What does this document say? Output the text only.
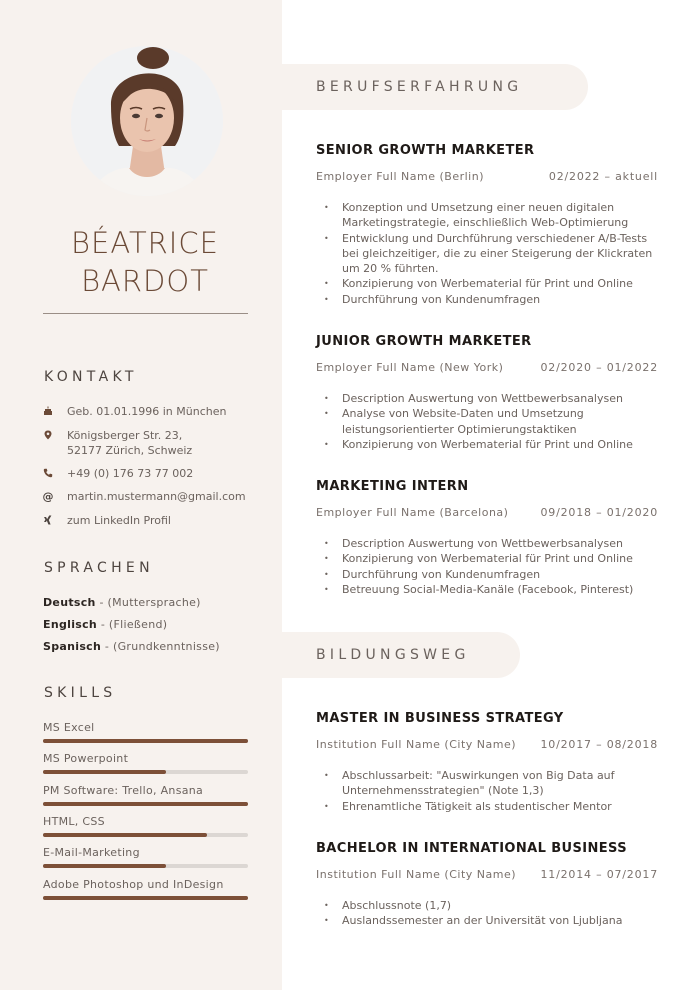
BÉATRICE
BARDOT
KONTAKT
Geb. 01.01.1996 in München
Königsberger Str. 23, 52177 Zürich, Schweiz
+49 (0) 176 73 77 002
@ martin.mustermann@gmail.com
zum LinkedIn Profil
SPRACHEN
Deutsch - (Muttersprache)
Englisch - (Fließend)
Spanisch - (Grundkenntnisse)
SKILLS
MS Excel
MS Powerpoint
PM Software: Trello, Ansana
HTML, CSS
E-Mail-Marketing
Adobe Photoshop und InDesign
BERUFSERFAHRUNG
SENIOR GROWTH MARKETER
Employer Full Name (Berlin)	02/2022 – aktuell
• Konzeption und Umsetzung einer neuen digitalen Marketingstrategie, einschließlich Web-Optimierung
• Entwicklung und Durchführung verschiedener A/B-Tests bei gleichzeitiger, die zu einer Steigerung der Klickraten um 20 % führten.
• Konzipierung von Werbematerial für Print und Online
• Durchführung von Kundenumfragen
JUNIOR GROWTH MARKETER
Employer Full Name (New York)	02/2020 – 01/2022
• Description Auswertung von Wettbewerbsanalysen
• Analyse von Website-Daten und Umsetzung leistungsorientierter Optimierungstaktiken
• Konzipierung von Werbematerial für Print und Online
MARKETING INTERN
Employer Full Name (Barcelona)	09/2018 – 01/2020
• Description Auswertung von Wettbewerbsanalysen
• Konzipierung von Werbematerial für Print und Online
• Durchführung von Kundenumfragen
• Betreuung Social-Media-Kanäle (Facebook, Pinterest)
BILDUNGSWEG
MASTER IN BUSINESS STRATEGY
Institution Full Name (City Name) 10/2017 – 08/2018
• Abschlussarbeit: "Auswirkungen von Big Data auf Unternehmensstrategien" (Note 1,3)
• Ehrenamtliche Tätigkeit als studentischer Mentor
BACHELOR IN INTERNATIONAL BUSINESS
Institution Full Name (City Name) 11/2014 – 07/2017
• Abschlussnote (1,7)
• Auslandssemester an der Universität von Ljubljana
